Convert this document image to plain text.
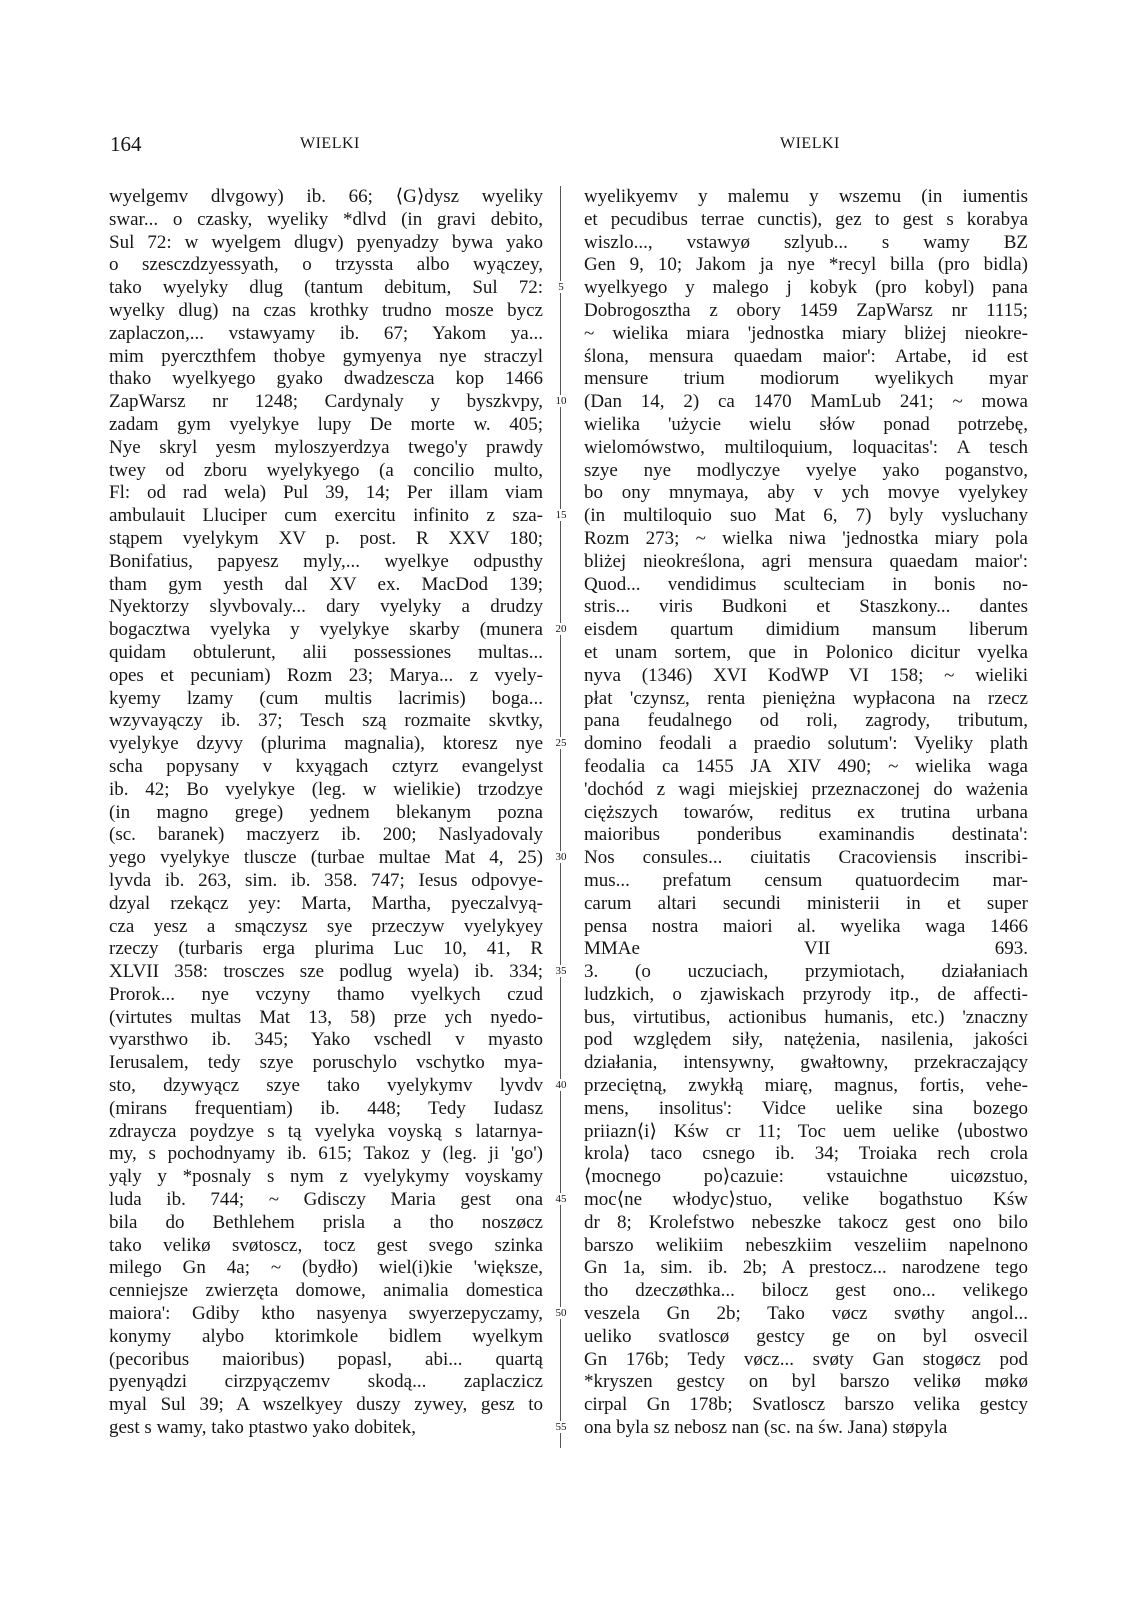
164	WIELKI	WIELKI
wyelgemv dlvgowy) ib. 66; ⟨G⟩dysz wyeliky
swar... o czasky, wyeliky *dlvd (in gravi debito,
Sul 72: w wyelgem dlugv) pyenyadzy bywa yako
o szesczdzyessyath, o trzyssta albo wyączey,
tako wyelyky dlug (tantum debitum, Sul 72:
wyelky dlug) na czas krothky trudno mosze bycz
zaplaczon,... vstawyamy ib. 67; Yakom ya...
mim pyerczthfem thobye gymyenya nye straczyl
thako wyelkyego gyako dwadzescza kop 1466
ZapWarsz nr 1248; Cardynaly y byszkvpy,
zadam gym vyelykye lupy De morte w. 405;
Nye skryl yesm myloszyerdzya twego'y prawdy
twey od zboru wyelykyego (a concilio multo,
Fl: od rad wela) Pul 39, 14; Per illam viam
ambulauit Lluciper cum exercitu infinito z sza-
stąpem vyelykym XV p. post. R XXV 180;
Bonifatius, papyesz myly,... wyelkye odpusthy
tham gym yesth dal XV ex. MacDod 139;
Nyektorzy slyvbovaly... dary vyelyky a drudzy
bogacztwa vyelyka y vyelykye skarby (munera
quidam obtulerunt, alii possessiones multas...
opes et pecuniam) Rozm 23; Marya... z vyely-
kyemy lzamy (cum multis lacrimis) boga...
wzyvayączy ib. 37; Tesch szą rozmaite skvtky,
vyelykye dzyvy (plurima magnalia), ktoresz nye
scha popysany v kxyągach cztyrz evangelyst
ib. 42; Bo vyelykye (leg. w wielikie) trzodzye
(in magno grege) yednem blekanym pozna
(sc. baranek) maczyerz ib. 200; Naslyadovaly
yego vyelykye tlusczе (turbae multae Mat 4, 25)
lyvda ib. 263, sim. ib. 358. 747; Iesus odpovye-
dzyal rzekącz yey: Marta, Martha, pyeczalvyą-
cza yesz a smączysz sye przeczyw vyelykyey
rzeczy (turbaris erga plurima Luc 10, 41, R
XLVII 358: trosczes sze podlug wyela) ib. 334;
Prorok... nye vczyny thamo vyelkych czud
(virtutes multas Mat 13, 58) prze ych nyedo-
vyarsthwo ib. 345; Yako vschedl v myasto
Ierusalem, tedy szye poruschylo vschytko mya-
sto, dzywyącz szye tako vyelykymv lyvdv
(mirans frequentiam) ib. 448; Tedy Iudasz
zdraycza poydzye s tą vyelyka voyską s latarnya-
my, s pochodnyamy ib. 615; Takoz y (leg. ji 'go')
yąly y *posnaly s nym z vyelykymy voyskamy
luda ib. 744; ~ Gdisczy Maria gest ona
bila do Bethlehem prisla a tho noszøcz
tako velikø svøtoscz, tocz gest svego szinka
milego Gn 4a; ~ (bydło) wiel(i)kie 'większe,
cenniejsze zwierzęta domowe, animalia domestica
maiora': Gdiby ktho nasyenya swyerzepyczamy,
konymy alybo ktorimkole bidlem wyelkym
(pecoribus maioribus) popasl, abi... quartą
pyenyądzi cirzpyączemv skodą... zaplaczicz
myal Sul 39; A wszelkyey duszy zywey, gesz to
gest s wamy, tako ptastwo yako dobitek,
5
10
15
20
25
30
35
40
45
50
55
wyelikyemv y malemu y wszemu (in iumentis
et pecudibus terrae cunctis), gez to gest s korabya
wiszlo..., vstawyø szlyub... s wamy BZ
Gen 9, 10; Jakom ja nye *recyl billa (pro bidla)
wyelkyego y malego j kobyk (pro kobyl) pana
Dobrogosztha z obory 1459 ZapWarsz nr 1115;
~ wielika miara 'jednostka miary bliżej nieokre-
ślona, mensura quaedam maior': Artabe, id est
mensure trium modiorum wyelikych myar
(Dan 14, 2) ca 1470 MamLub 241; ~ mowa
wielika 'użycie wielu słów ponad potrzebę,
wielomówstwo, multiloquium, loquacitas': A tesch
szye nye modlyczye vyelye yako poganstvo,
bo ony mnymaya, aby v ych movye vyelykey
(in multiloquio suo Mat 6, 7) byly vysluchany
Rozm 273; ~ wielka niwa 'jednostka miary pola
bliżej nieokreślona, agri mensura quaedam maior':
Quod... vendidimus sculteciam in bonis no-
stris... viris Budkoni et Staszkony... dantes
eisdem quartum dimidium mansum liberum
et unam sortem, que in Polonico dicitur vyelka
nyva (1346) XVI KodWP VI 158; ~ wieliki
płat 'czynsz, renta pieniężna wypłacona na rzecz
pana feudalnego od roli, zagrody, tributum,
domino feodali a praedio solutum': Vyeliky plath
feodalia ca 1455 JA XIV 490; ~ wielika waga
'dochód z wagi miejskiej przeznaczonej do ważenia
cięższych towarów, reditus ex trutina urbana
maioribus ponderibus examinandis destinata':
Nos consules... ciuitatis Cracoviensis inscribi-
mus... prefatum censum quatuordecim mar-
carum altari secundi ministerii in et super
pensa nostra maiori al. wyelika waga 1466
MMAe VII 693.
3. (o uczuciach, przymiotach, działaniach
ludzkich, o zjawiskach przyrody itp., de affecti-
bus, virtutibus, actionibus humanis, etc.) 'znaczny
pod względem siły, natężenia, nasilenia, jakości
działania, intensywny, gwałtowny, przekraczający
przeciętną, zwykłą miarę, magnus, fortis, vehe-
mens, insolitus': Vidce uelike sina bozego
priiazn⟨i⟩ Kśw cr 11; Toc uem uelike ⟨ubostwo
krola⟩ taco csnego ib. 34; Troiaka rech crola
⟨mocnego po⟩cazuie: vstauichne uicøzstuo,
moc⟨ne włodyc⟩stuo, velike bogathstuo Kśw
dr 8; Krolefstwo nebeszke takocz gest ono bilo
barszo welikiim nebeszkiim veszeliim napelnono
Gn 1a, sim. ib. 2b; A prestocz... narodzene tego
tho dzeczøthka... bilocz gest ono... velikego
veszela Gn 2b; Tako vøcz svøthy angol...
ueliko svatloscø gestcy ge on byl osvecil
Gn 176b; Tedy vøcz... svøty Gan stogøcz pod
*kryszen gestcy on byl barszo velikø møkø
cirpal Gn 178b; Svatloscz barszo velika gestcy
ona byla sz nebosz nan (sc. na św. Jana) støpyla
